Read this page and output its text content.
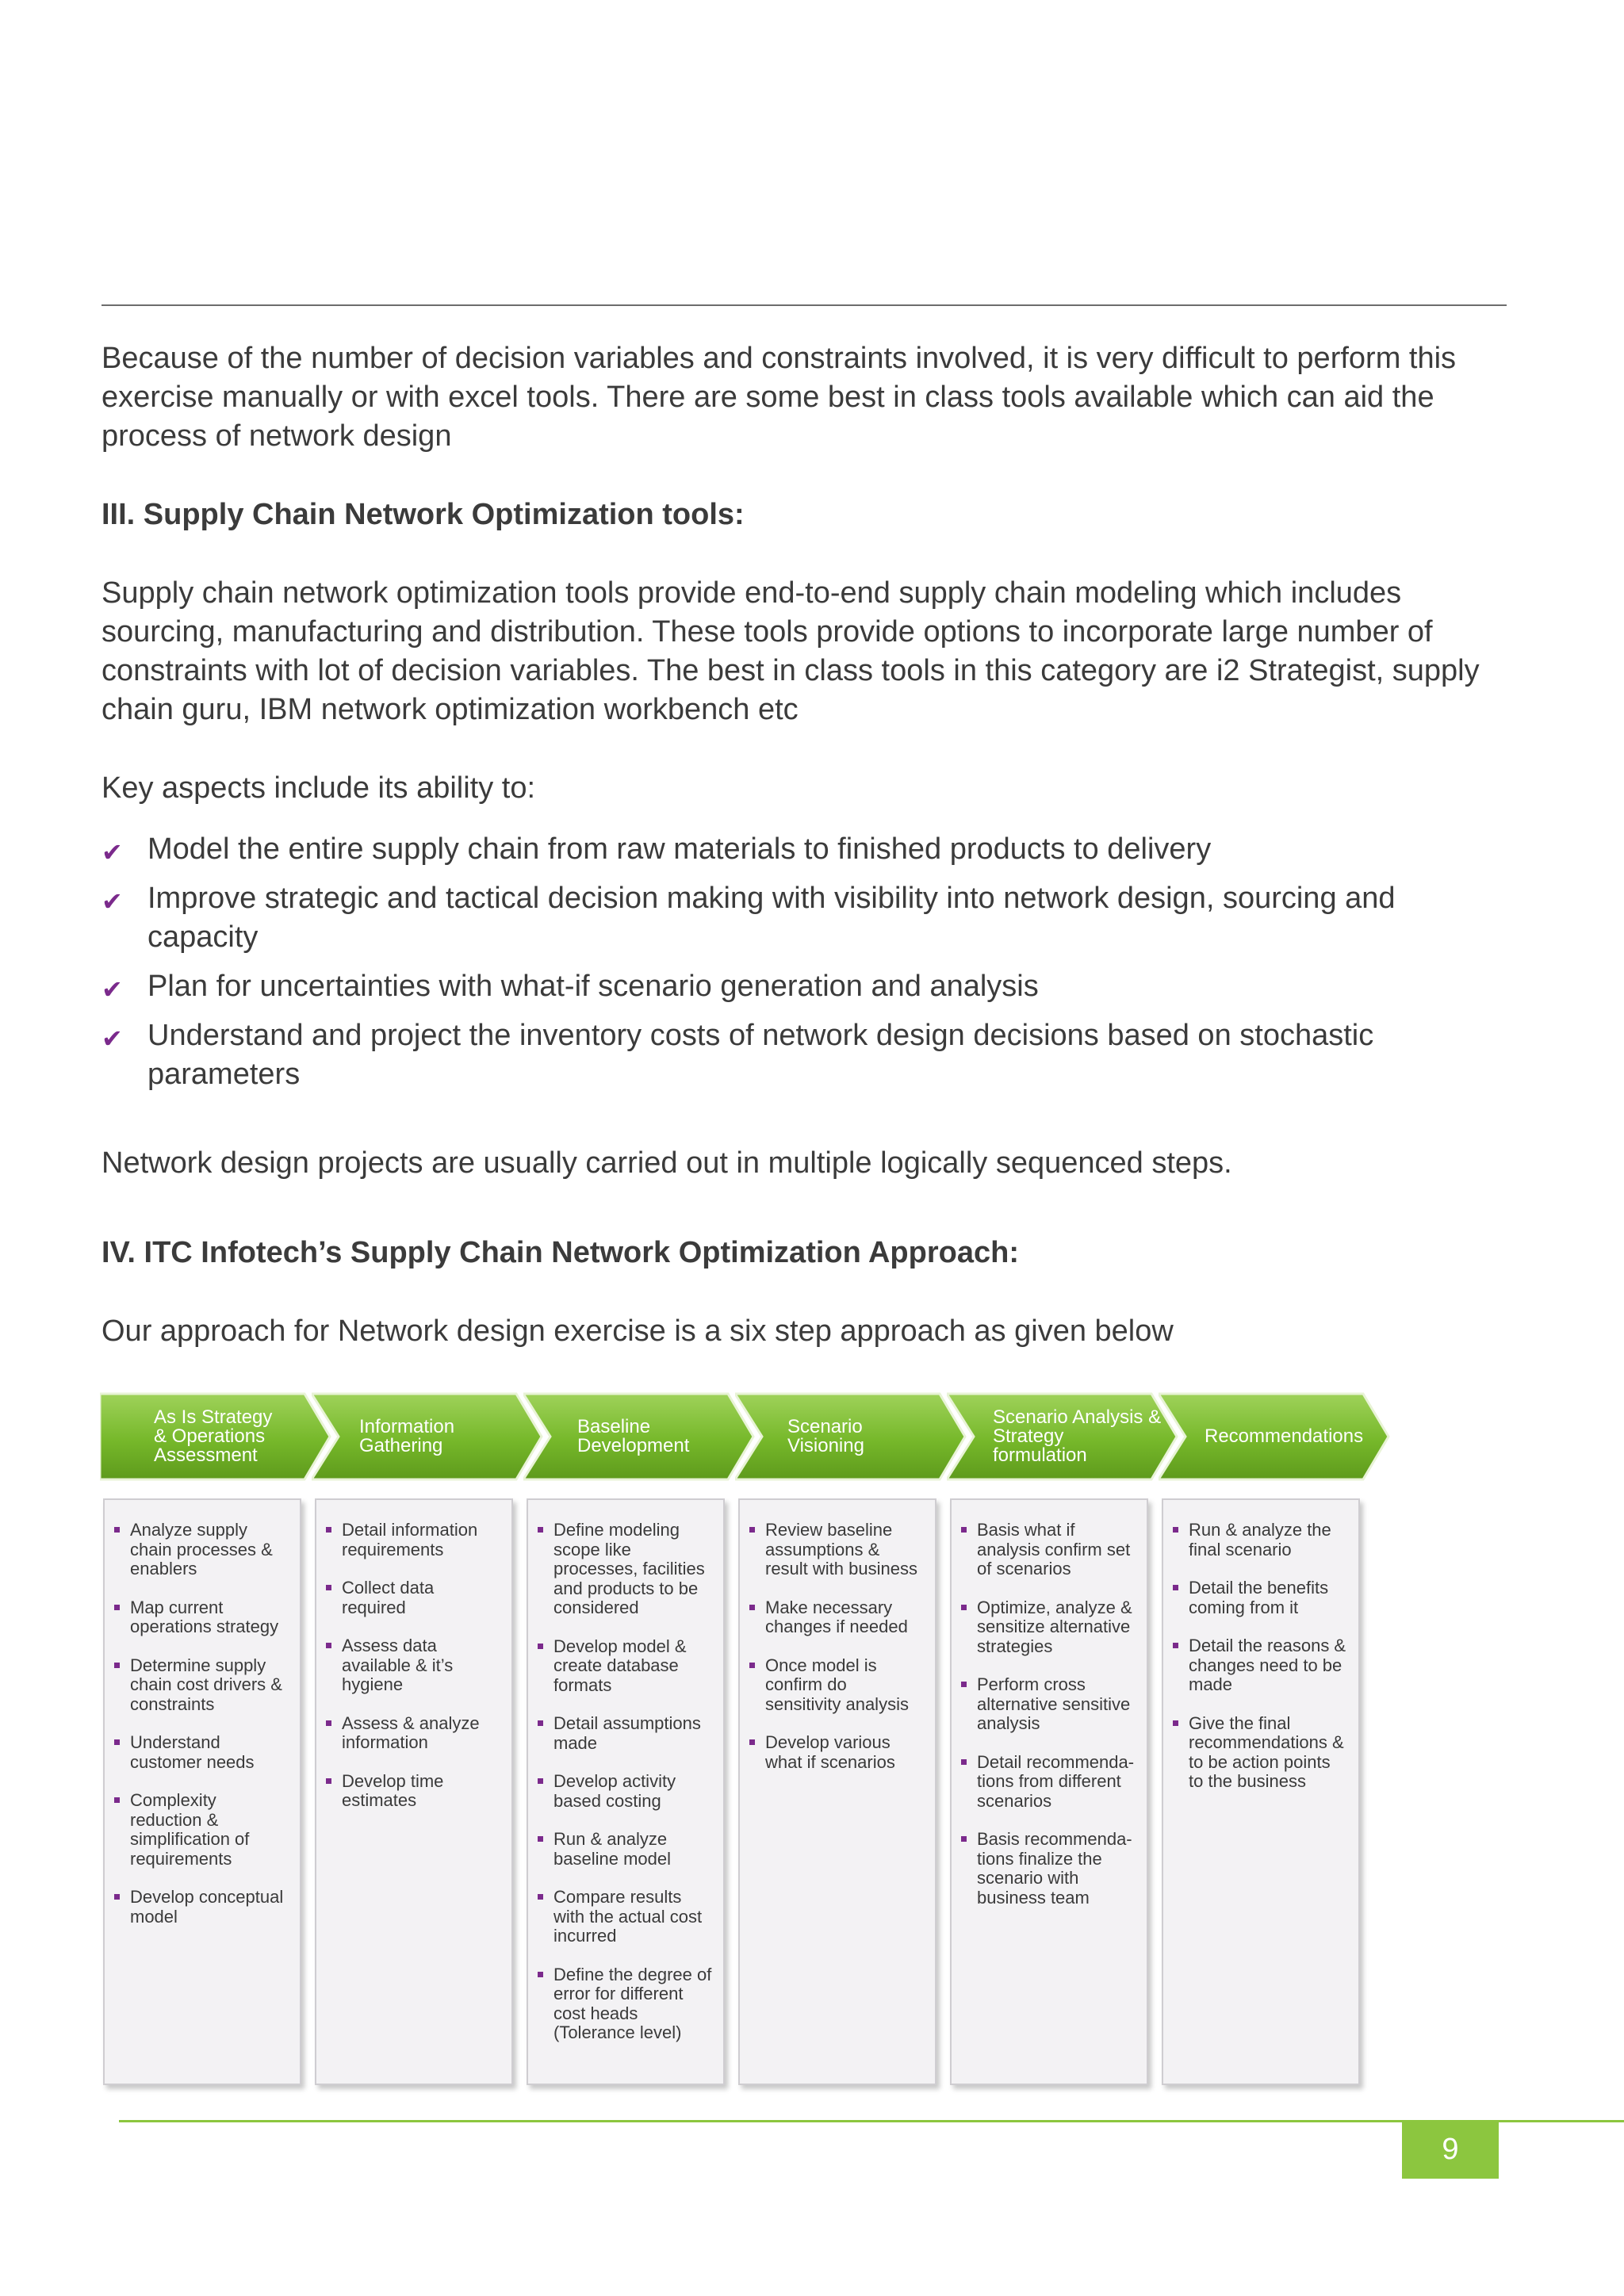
Because of the number of decision variables and constraints involved, it is very difficult to perform this exercise manually or with excel tools. There are some best in class tools available which can aid the process of network design

III. Supply Chain Network Optimization tools:

Supply chain network optimization tools provide end-to-end supply chain modeling which includes sourcing, manufacturing and distribution. These tools provide options to incorporate large number of constraints with lot of decision variables. The best in class tools in this category are i2 Strategist, supply chain guru, IBM network optimization workbench etc

Key aspects include its ability to:

✔ Model the entire supply chain from raw materials to finished products to delivery
✔ Improve strategic and tactical decision making with visibility into network design, sourcing and capacity
✔ Plan for uncertainties with what-if scenario generation and analysis
✔ Understand and project the inventory costs of network design decisions based on stochastic parameters

Network design projects are usually carried out in multiple logically sequenced steps.

IV. ITC Infotech’s Supply Chain Network Optimization Approach:

Our approach for Network design exercise is a six step approach as given below

As Is Strategy
& Operations
Assessment
Information
Gathering
Baseline
Development
Scenario
Visioning
Scenario Analysis &
Strategy formulation
Recommendations
Analyze supply
chain processes &
enablers
Map current
operations strategy
Determine supply
chain cost drivers &
constraints
Understand
customer needs
Complexity
reduction &
simplification of
requirements
Develop conceptual
model
Detail information
requirements
Collect data
required
Assess data
available & it’s
hygiene
Assess & analyze
information
Develop time
estimates
Define modeling
scope like
processes, facilities
and products to be
considered
Develop model &
create database
formats
Detail assumptions
made
Develop activity
based costing
Run & analyze
baseline model
Compare results
with the actual cost
incurred
Define the degree of
error for different
cost heads
(Tolerance level)
Review baseline
assumptions &
result with business
Make necessary
changes if needed
Once model is
confirm do
sensitivity analysis
Develop various
what if scenarios
Basis what if
analysis confirm set
of scenarios
Optimize, analyze &
sensitize alternative
strategies
Perform cross
alternative sensitive
analysis
Detail recommenda-
tions from different
scenarios
Basis recommenda-
tions finalize the
scenario with
business team
Run & analyze the
final scenario
Detail the benefits
coming from it
Detail the reasons &
changes need to be
made
Give the final
recommendations &
to be action points
to the business
9
